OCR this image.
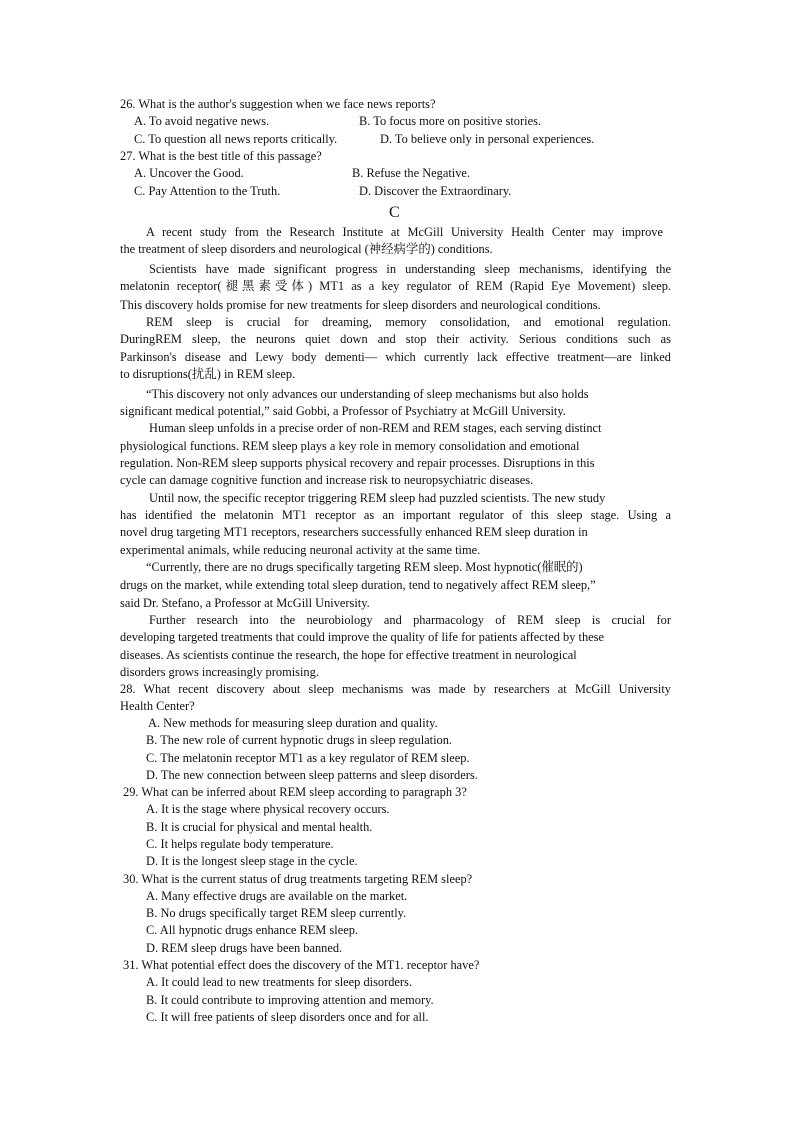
26. What is the author's suggestion when we face news reports?
A. To avoid negative news.	B. To focus more on positive stories.
C. To question all news reports critically.	D. To believe only in personal experiences.
27. What is the best title of this passage?
A. Uncover the Good.	B. Refuse the Negative.
C. Pay Attention to the Truth.	D. Discover the Extraordinary.
C
A recent study from the Research Institute at McGill University Health Center may improve
the treatment of sleep disorders and neurological (神经病学的) conditions.
Scientists have made significant progress in understanding sleep mechanisms, identifying the
melatonin receptor(褪黑素受体) MT1 as a key regulator of REM (Rapid Eye Movement) sleep.
This discovery holds promise for new treatments for sleep disorders and neurological conditions.
REM sleep is crucial for dreaming, memory consolidation, and emotional regulation.
DuringREM sleep, the neurons quiet down and stop their activity. Serious conditions such as
Parkinson's disease and Lewy body dementi— which currently lack effective treatment—are linked
to disruptions(扰乱) in REM sleep.
“This discovery not only advances our understanding of sleep mechanisms but also holds
significant medical potential,” said Gobbi, a Professor of Psychiatry at McGill University.
Human sleep unfolds in a precise order of non-REM and REM stages, each serving distinct
physiological functions. REM sleep plays a key role in memory consolidation and emotional
regulation. Non-REM sleep supports physical recovery and repair processes. Disruptions in this
cycle can damage cognitive function and increase risk to neuropsychiatric diseases.
Until now, the specific receptor triggering REM sleep had puzzled scientists. The new study
has identified the melatonin MT1 receptor as an important regulator of this sleep stage. Using a
novel drug targeting MT1 receptors, researchers successfully enhanced REM sleep duration in
experimental animals, while reducing neuronal activity at the same time.
“Currently, there are no drugs specifically targeting REM sleep. Most hypnotic(催眠的)
drugs on the market, while extending total sleep duration, tend to negatively affect REM sleep,”
said Dr. Stefano, a Professor at McGill University.
Further research into the neurobiology and pharmacology of REM sleep is crucial for
developing targeted treatments that could improve the quality of life for patients affected by these
diseases. As scientists continue the research, the hope for effective treatment in neurological
disorders grows increasingly promising.
28. What recent discovery about sleep mechanisms was made by researchers at McGill University
Health Center?
A. New methods for measuring sleep duration and quality.
B. The new role of current hypnotic drugs in sleep regulation.
C. The melatonin receptor MT1 as a key regulator of REM sleep.
D. The new connection between sleep patterns and sleep disorders.
29. What can be inferred about REM sleep according to paragraph 3?
A. It is the stage where physical recovery occurs.
B. It is crucial for physical and mental health.
C. It helps regulate body temperature.
D. It is the longest sleep stage in the cycle.
30. What is the current status of drug treatments targeting REM sleep?
A. Many effective drugs are available on the market.
B. No drugs specifically target REM sleep currently.
C. All hypnotic drugs enhance REM sleep.
D. REM sleep drugs have been banned.
31. What potential effect does the discovery of the MT1. receptor have?
A. It could lead to new treatments for sleep disorders.
B. It could contribute to improving attention and memory.
C. It will free patients of sleep disorders once and for all.
